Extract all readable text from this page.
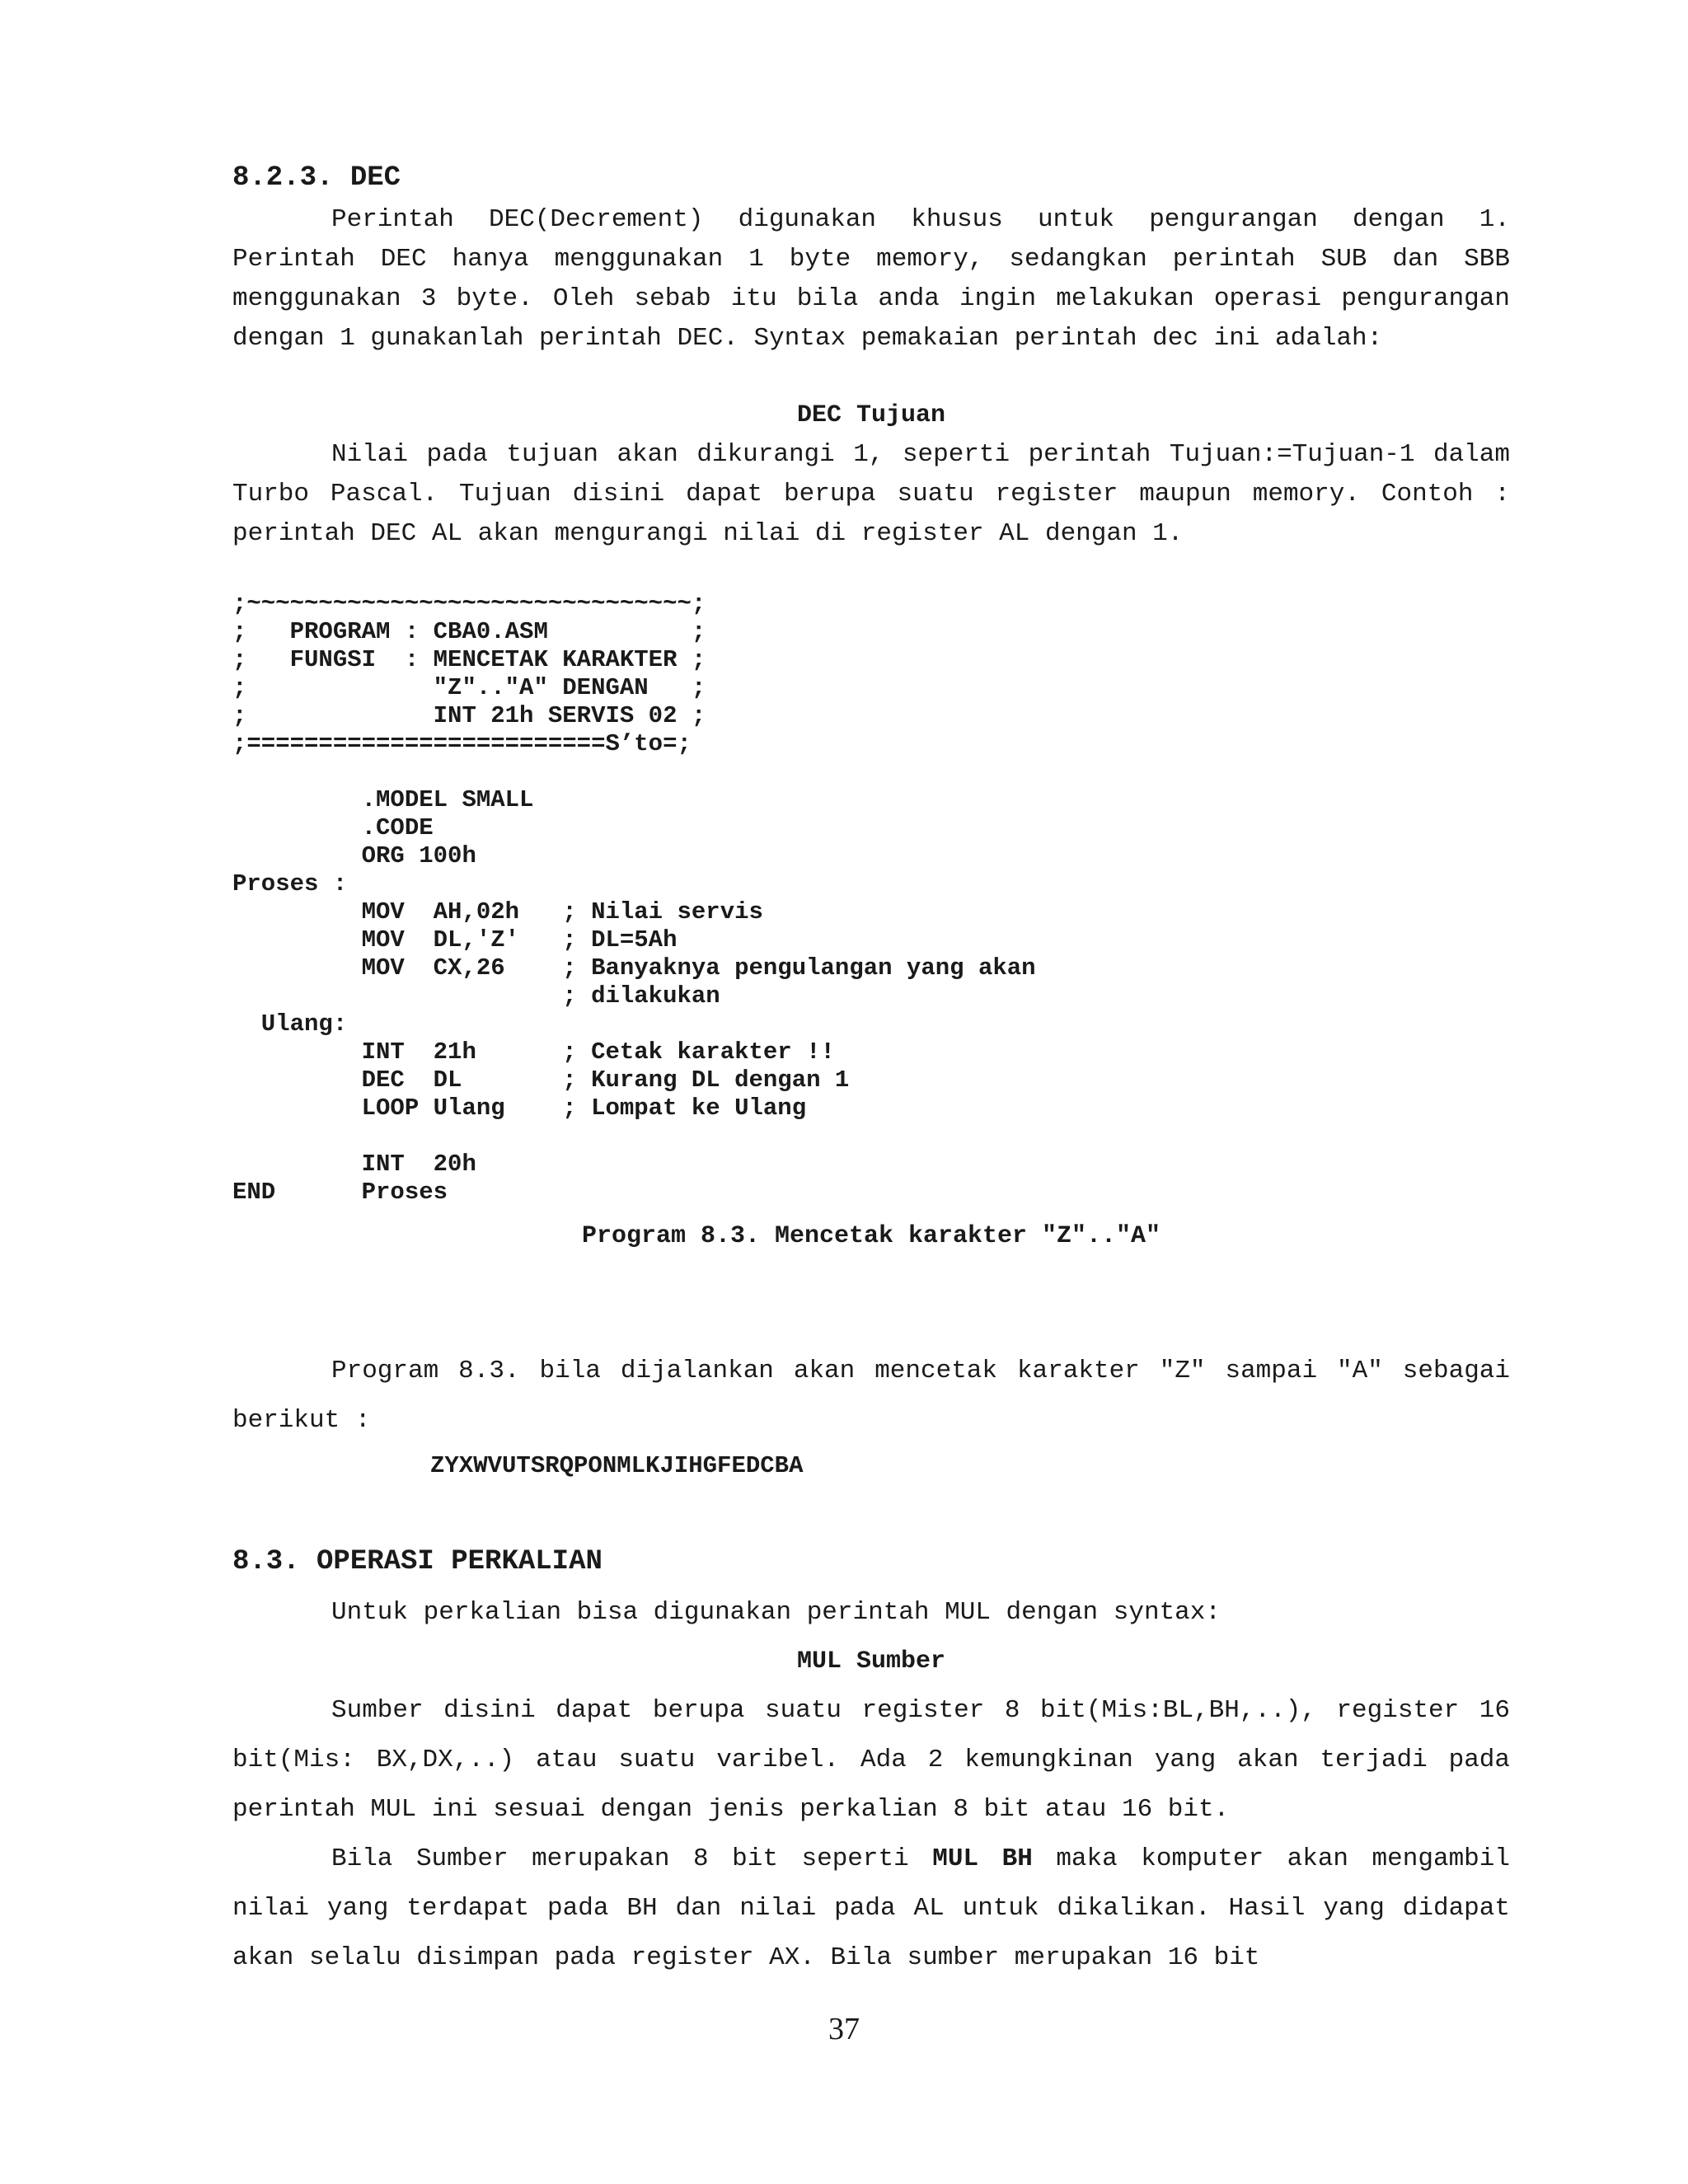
8.2.3. DEC

Perintah DEC(Decrement) digunakan khusus untuk pengurangan dengan 1. Perintah DEC hanya menggunakan 1 byte memory, sedangkan perintah SUB dan SBB menggunakan 3 byte. Oleh sebab itu bila anda ingin melakukan operasi pengurangan dengan 1 gunakanlah perintah DEC. Syntax pemakaian perintah dec ini adalah:

DEC Tujuan

Nilai pada tujuan akan dikurangi 1, seperti perintah Tujuan:=Tujuan-1 dalam Turbo Pascal. Tujuan disini dapat berupa suatu register maupun memory. Contoh : perintah DEC AL akan mengurangi nilai di register AL dengan 1.

;~~~~~~~~~~~~~~~~~~~~~~~~~~~~~~~;
;   PROGRAM : CBA0.ASM          ;
;   FUNGSI  : MENCETAK KARAKTER ;
;             "Z".."A" DENGAN   ;
;             INT 21h SERVIS 02 ;
;=========================S’to=;

.MODEL SMALL
.CODE
ORG 100h
Proses :
MOV  AH,02h   ; Nilai servis
MOV  DL,'Z'   ; DL=5Ah
MOV  CX,26    ; Banyaknya pengulangan yang akan
; dilakukan
Ulang:
INT  21h      ; Cetak karakter !!
DEC  DL       ; Kurang DL dengan 1
LOOP Ulang    ; Lompat ke Ulang

INT  20h
END      Proses

Program 8.3. Mencetak karakter "Z".."A"

Program 8.3. bila dijalankan akan mencetak karakter "Z" sampai "A" sebagai berikut :

ZYXWVUTSRQPONMLKJIHGFEDCBA

8.3. OPERASI PERKALIAN

Untuk perkalian bisa digunakan perintah MUL dengan syntax:

MUL Sumber

Sumber disini dapat berupa suatu register 8 bit(Mis:BL,BH,..), register 16 bit(Mis: BX,DX,..) atau suatu varibel. Ada 2 kemungkinan yang akan terjadi pada perintah MUL ini sesuai dengan jenis perkalian 8 bit atau 16 bit.

Bila Sumber merupakan 8 bit seperti MUL BH maka komputer akan mengambil nilai yang terdapat pada BH dan nilai pada AL untuk dikalikan. Hasil yang didapat akan selalu disimpan pada register AX. Bila sumber merupakan 16 bit

37
